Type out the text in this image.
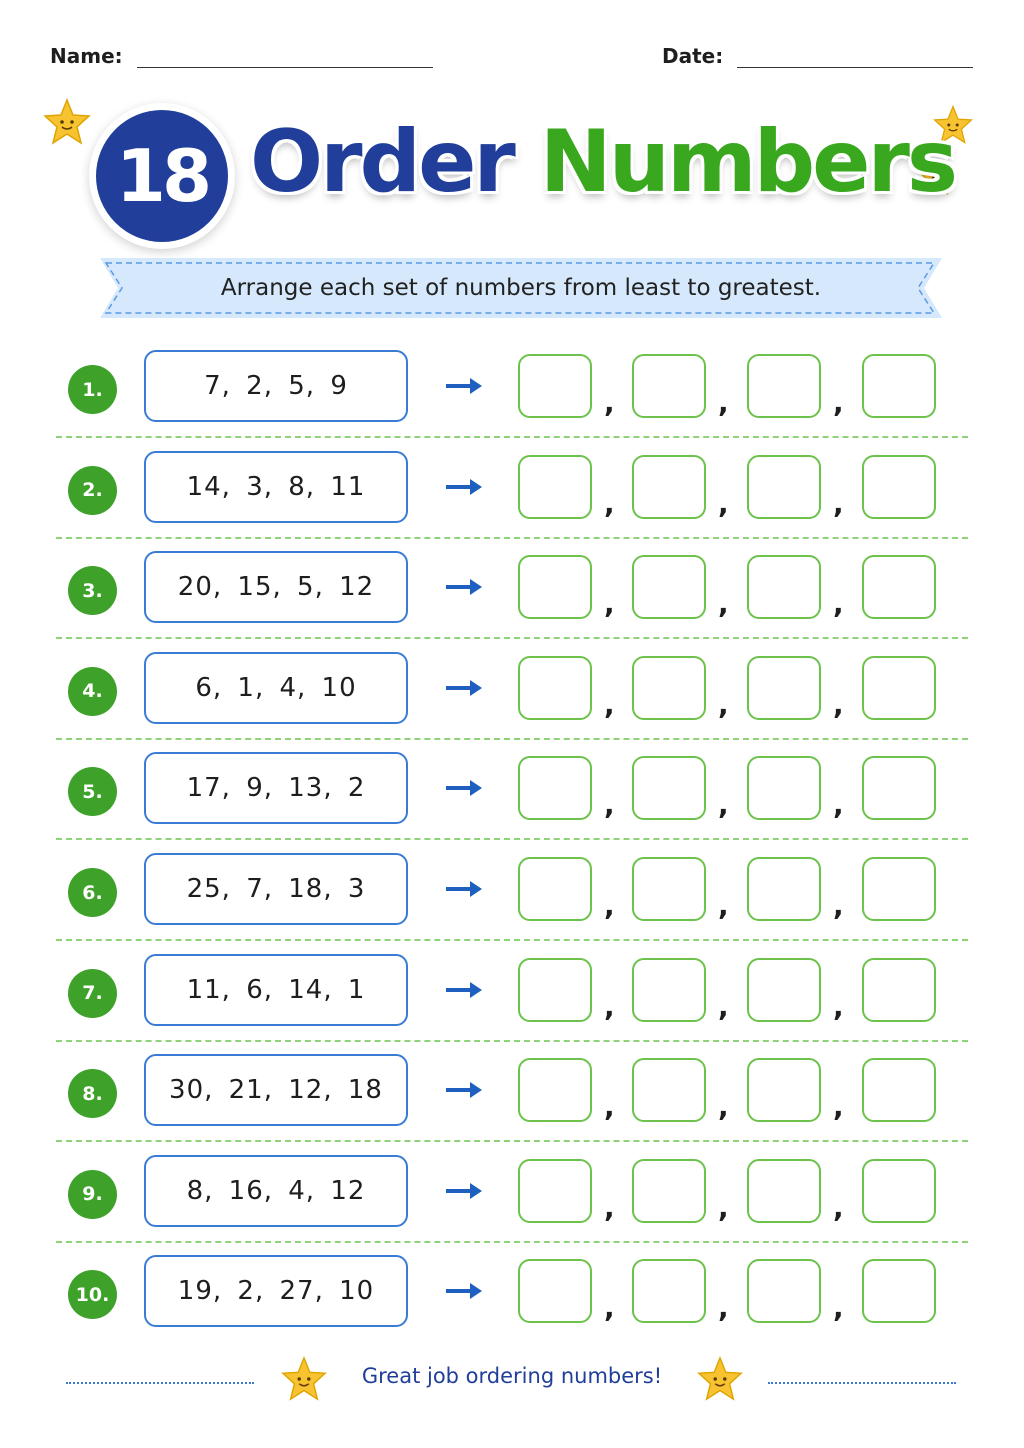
Name:	Date:
18 Order Numbers
Arrange each set of numbers from least to greatest.
1.	7, 2, 5, 9	,	,	,
2.	14, 3, 8, 11	,	,	,
3.	20, 15, 5, 12	,	,	,
4.	6, 1, 4, 10	,	,	,
5.	17, 9, 13, 2	,	,	,
6.	25, 7, 18, 3	,	,	,
7.	11, 6, 14, 1	,	,	,
8.	30, 21, 12, 18	,	,	,
9.	8, 16, 4, 12	,	,	,
10.	19, 2, 27, 10	,	,	,
Great job ordering numbers!
